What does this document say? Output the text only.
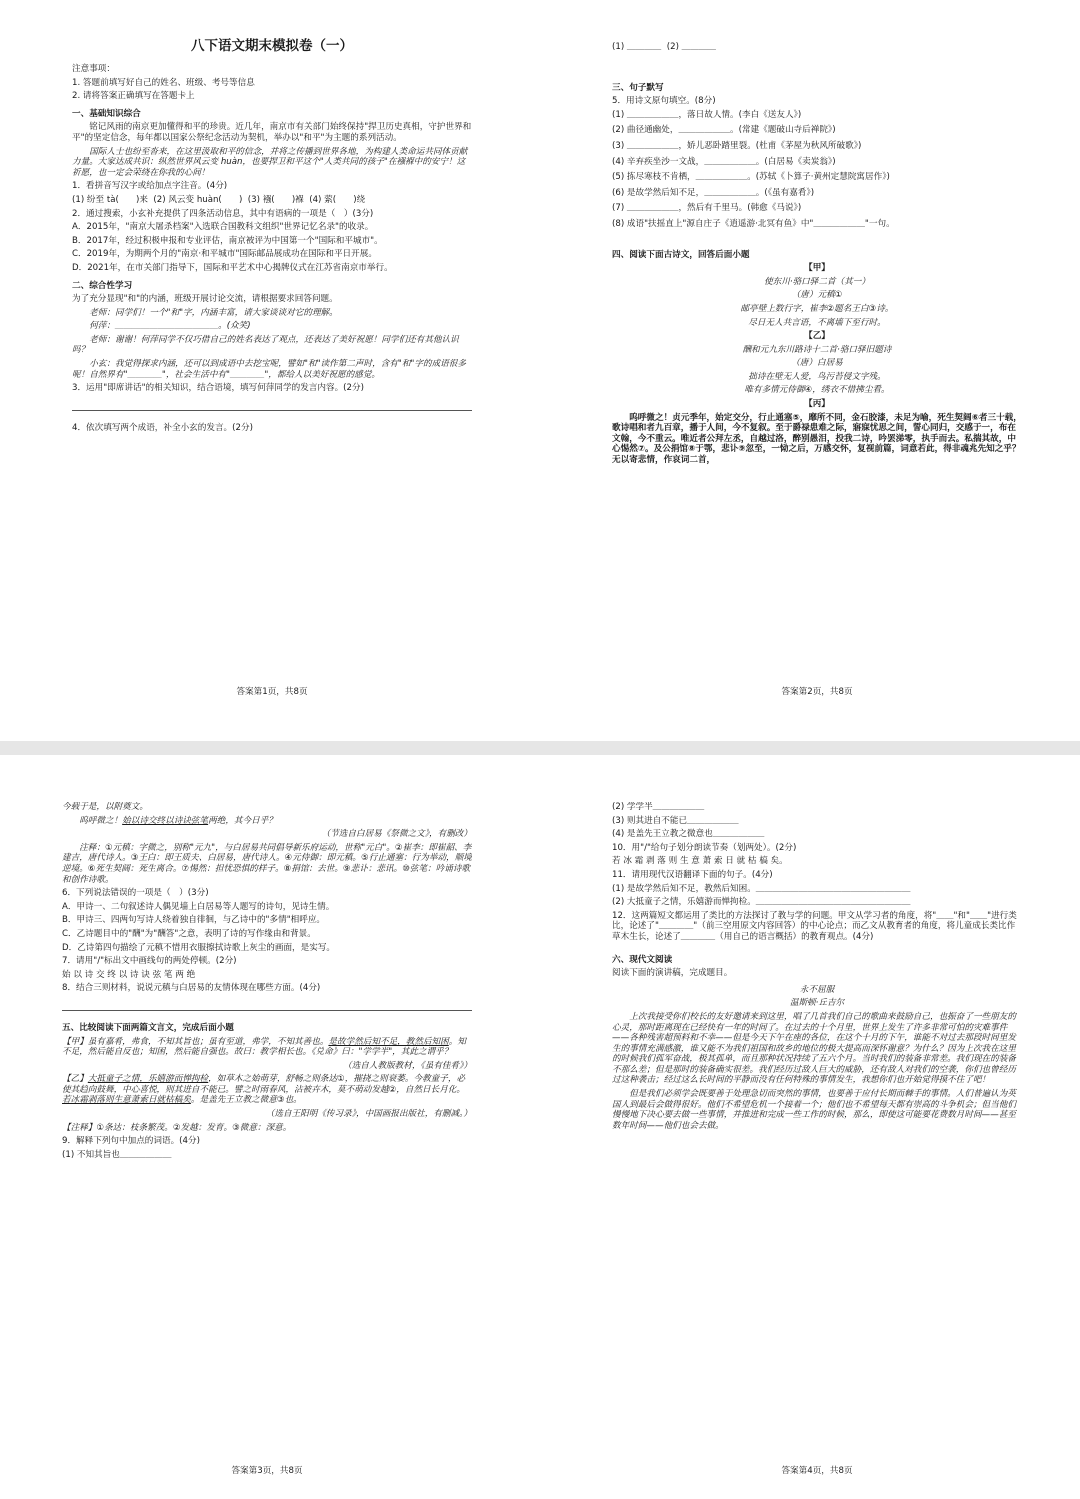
八下语文期末模拟卷（一）

注意事项：

1. 答题前填写好自己的姓名、班级、考号等信息

2. 请将答案正确填写在答题卡上

一、基础知识综合

铭记风雨的南京更加懂得和平的珍贵。近几年，南京市有关部门始终保持"捍卫历史真相，守护世界和平"的坚定信念，每年都以国家公祭纪念活动为契机，举办以"和平"为主题的系列活动。

国际人士也纷至沓来，在这里汲取和平的信念，并将之传播到世界各地，为构建人类命运共同体贡献力量。大家达成共识：纵然世界风云变 huàn，也要捍卫和平这个"人类共同的孩子"在襁褓中的安宁！这祈愿，也一定会荣绕在你我的心间！

1．看拼音写汉字或给加点字注音。(4分)

(1) 纷至 tà(　　)来  (2) 风云变 huàn(　　)  (3) 襁(　　)褓  (4) 萦(　　)绕

2．通过搜索，小玄补充提供了四条活动信息，其中有语病的一项是（　）(3分)

A．2015年，"南京大屠杀档案"入选联合国教科文组织"世界记忆名录"的收录。

B．2017年，经过积极申报和专业评估，南京被评为中国第一个"国际和平城市"。

C．2019年，为期两个月的"南京·和平城市"国际邮品展成功在国际和平日开展。

D．2021年，在市关部门指导下，国际和平艺术中心揭牌仪式在江苏省南京市举行。

二、综合性学习

为了充分显现"和"的内涵，班级开展讨论交流，请根据要求回答问题。

老师：同学们！一个"和"字，内涵丰富，请大家谈谈对它的理解。

何萍：＿＿＿＿＿＿＿＿＿＿＿＿。(众笑)

老师：谢谢！何萍同学不仅巧借自己的姓名表达了观点，还表达了美好祝愿！同学们还有其他认识吗？

小玄：我觉得探求内涵，还可以到成语中去挖宝呢，譬如"和"读作第二声时，含有"和"字的成语很多呢！自然界有"＿＿＿＿"，社会生活中有"＿＿＿＿"，都给人以美好祝愿的感觉。

3．运用"即席讲话"的相关知识，结合语境，填写何萍同学的发言内容。(2分)

4．依次填写两个成语，补全小玄的发言。(2分)

答案第1页，共8页

(1) ＿＿＿＿  (2) ＿＿＿＿

三、句子默写

5．用诗文原句填空。(8分)

(1) ＿＿＿＿＿＿，落日故人情。(李白《送友人》)

(2) 曲径通幽处，＿＿＿＿＿＿。(常建《题破山寺后禅院》)

(3) ＿＿＿＿＿＿，娇儿恶卧踏里裂。(杜甫《茅屋为秋风所破歌》)

(4) 辛弃疾坐沙一文战，＿＿＿＿＿＿。(白居易《卖炭翁》)

(5) 拣尽寒枝不肯栖，＿＿＿＿＿＿。(苏轼《卜算子·黄州定慧院寓居作》)

(6) 是故学然后知不足，＿＿＿＿＿＿。(《虽有嘉肴》)

(7) ＿＿＿＿＿＿，然后有千里马。(韩愈《马说》)

(8) 成语"扶摇直上"源自庄子《逍遥游·北冥有鱼》中"＿＿＿＿＿＿"一句。

四、阅读下面古诗文，回答后面小题

【甲】

使东川·骆口驿二首（其一）

（唐）元稹①

邮亭壁上数行字，崔李②题名王白③诗。

尽日无人共言语，不离墙下至行时。

【乙】

酬和元九东川路诗十二首·骆口驿旧题诗

（唐）白居易

拙诗在壁无人爱，鸟污苔侵文字残。

唯有多情元侍御④，绣衣不惜拂尘看。

【丙】

呜呼微之！贞元季年，始定交分，行止通塞⑤，靡所不同，金石胶漆，未足为喻，死生契阔⑥者三十载，歌诗唱和者九百章，播于人间，今不复叙。至于爵禄患难之际，寤寐忧思之间，誓心同归，交感于一，布在文翰，今不重云。唯近者公拜左丞，自越过洛，醉别愚泪，投我二诗，吟罢涕零，执手而去。私揣其故，中心惕然⑦。及公捐馆⑧于鄂，悲讣⑨忽至，一恸之后，万感交怀，复视前篇，词意若此，得非魂兆先知之乎？无以寄悲情，作哀词二首，

答案第2页，共8页

今载于是，以附奠文。

呜呼微之！始以诗交终以诗诀弦笔两绝，其今日乎？

（节选自白居易《祭微之文》，有删改）

注释：①元稹：字微之，别称"元九"，与白居易共同倡导新乐府运动，世称"元白"。②崔李：即崔韶、李建吉，唐代诗人。③王白：即王质夫、白居易，唐代诗人。④元侍御：即元稹。⑤行止通塞：行为举动，顺境逆境。⑥死生契阔：死生离合。⑦惕然：担忧恐惧的样子。⑧捐馆：去世。⑨悲讣：悲讯。⑩弦笔：吟诵诗歌和创作诗歌。

6．下列说法错误的一项是（　）(3分)

A．甲诗一、二句叙述诗人偶见墙上白居易等人题写的诗句，见诗生情。

B．甲诗三、四两句写诗人绕着独自徘徊，与乙诗中的"多情"相呼应。

C．乙诗题目中的"酬"为"酬答"之意，表明了诗的写作缘由和背景。

D．乙诗第四句描绘了元稹不惜用衣服擦拭诗歌上灰尘的画面，是实写。

7．请用"/"标出文中画线句的两处停顿。(2分)

始 以 诗 交 终 以 诗 诀 弦 笔 两 绝

8．结合三则材料，说说元稹与白居易的友情体现在哪些方面。(4分)

五、比较阅读下面两篇文言文，完成后面小题

【甲】虽有嘉肴，弗食，不知其旨也；虽有至道，弗学，不知其善也。是故学然后知不足，教然后知困。知不足，然后能自反也；知困，然后能自强也。故曰：教学相长也。《兑命》曰："学学半"，其此之谓乎？

（选自人教版教材，《虽有佳肴》）

【乙】大抵童子之情，乐嬉游而惮拘检，如草木之始萌芽，舒畅之则条达①，摧挠之则衰萎。今教童子，必使其趋向鼓舞，中心喜悦，则其进自不能已。譬之时雨春风，沾被卉木，莫不萌动发越②，自然日长月化。若冰霜剥落则生意萧索日就枯槁矣。是盖先王立教之微意③也。

（选自王阳明《传习录》，中国画报出版社，有删减。）

【注释】①条达：枝条繁茂。②发越：发育。③微意：深意。

9．解释下列句中加点的词语。(4分)

(1) 不知其旨也＿＿＿＿＿＿

答案第3页，共8页

(2) 学学半＿＿＿＿＿＿

(3) 则其进自不能已＿＿＿＿＿＿

(4) 是盖先王立教之微意也＿＿＿＿＿＿

10．用"/"给句子划分朗读节奏（划两处）。(2分)

若 冰 霜 剥 落 则 生 意 萧 索 日 就 枯 槁 矣。

11．请用现代汉语翻译下面的句子。(4分)

(1) 是故学然后知不足，教然后知困。＿＿＿＿＿＿＿＿＿＿＿＿＿＿＿＿＿＿

(2) 大抵童子之情，乐嬉游而惮拘检。＿＿＿＿＿＿＿＿＿＿＿＿＿＿＿＿＿＿

12．这两篇短文都运用了类比的方法探讨了教与学的问题。甲文从学习者的角度，将"＿＿"和"＿＿"进行类比，论述了"＿＿＿＿"（前三空用原文内容回答）的中心论点；而乙文从教育者的角度，将儿童成长类比作草木生长，论述了＿＿＿＿（用自己的语言概括）的教育观点。(4分)

六、现代文阅读

阅读下面的演讲稿，完成题目。

永不屈服

温斯顿·丘吉尔

上次我接受你们校长的友好邀请来到这里，唱了几首我们自己的歌曲来鼓励自己，也振奋了一些朋友的心灵，那时距离现在已经快有一年的时间了。在过去的十个月里，世界上发生了许多非常可怕的灾难事件——各种残害超预料和不幸——但是今天下午在座的各位，在这个十月的下午，谁能不对过去那段时间里发生的事情充满感激，谁又能不为我们祖国和故乡的地位的极大提高而深怀谢意？为什么？因为上次我在这里的时候我们孤军奋战，极其孤单，而且那种状况持续了五六个月。当时我们的装备非常差。我们现在的装备不那么差；但是那时的装备确实很差。我们经历过敌人巨大的威胁，还有敌人对我们的空袭，你们也曾经历过这种袭击；经过这么长时间的平静而没有任何特殊的事情发生，我想你们也开始觉得摸不住了吧！

但是我们必须学会既要善于处理急切而突然的事情，也要善于应付长期而棘手的事情。人们普遍认为英国人到最后会做得很好。他们不希望危机一个接着一个；他们也不希望每天都有崇高的斗争机会；但当他们慢慢地下决心要去做一些事情，并推进和完成一些工作的时候，那么，即使这可能要花费数月时间——甚至数年时间——他们也会去做。

答案第4页，共8页
